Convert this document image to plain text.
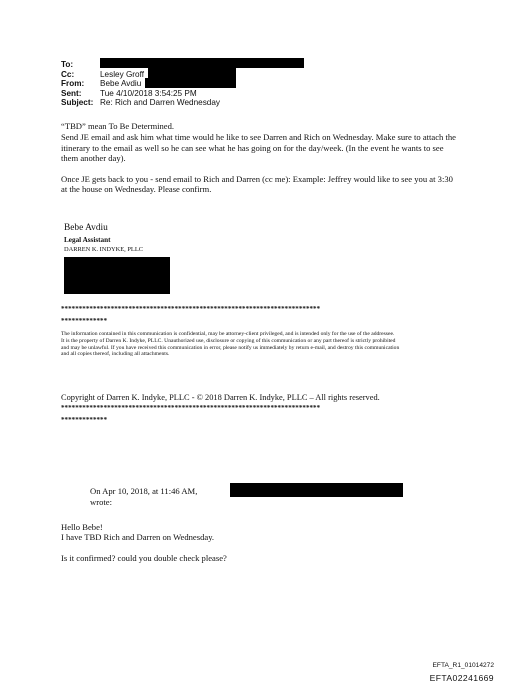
To:
Cc:	Lesley Groff
From:	Bebe Avdiu
Sent:	Tue 4/10/2018 3:54:25 PM
Subject: Re: Rich and Darren Wednesday

“TBD” mean To Be Determined.

Send JE email and ask him what time would he like to see Darren and Rich on Wednesday. Make sure to attach the itinerary to the email as well so he can see what he has going on for the day/week. (In the event he wants to see them another day).

Once JE gets back to you - send email to Rich and Darren (cc me): Example: Jeffrey would like to see you at 3:30 at the house on Wednesday. Please confirm.

Bebe Avdiu
Legal Assistant
DARREN K. INDYKE, PLLC
*************************************************************************
*************

The information contained in this communication is confidential, may be attorney-client privileged, and is intended only for the use of the addressee.

It is the property of Darren K. Indyke, PLLC. Unauthorized use, disclosure or copying of this communication or any part thereof is strictly prohibited

and may be unlawful. If you have received this communication in error, please notify us immediately by return e-mail, and destroy this communication

and all copies thereof, including all attachments.

Copyright of Darren K. Indyke, PLLC - © 2018 Darren K. Indyke, PLLC – All rights reserved.
*************************************************************************
*************
On Apr 10, 2018, at 11:46 AM,
wrote:

Hello Bebe!

I have TBD Rich and Darren on Wednesday.

Is it confirmed? could you double check please?

EFTA_R1_01014272
EFTA02241669
